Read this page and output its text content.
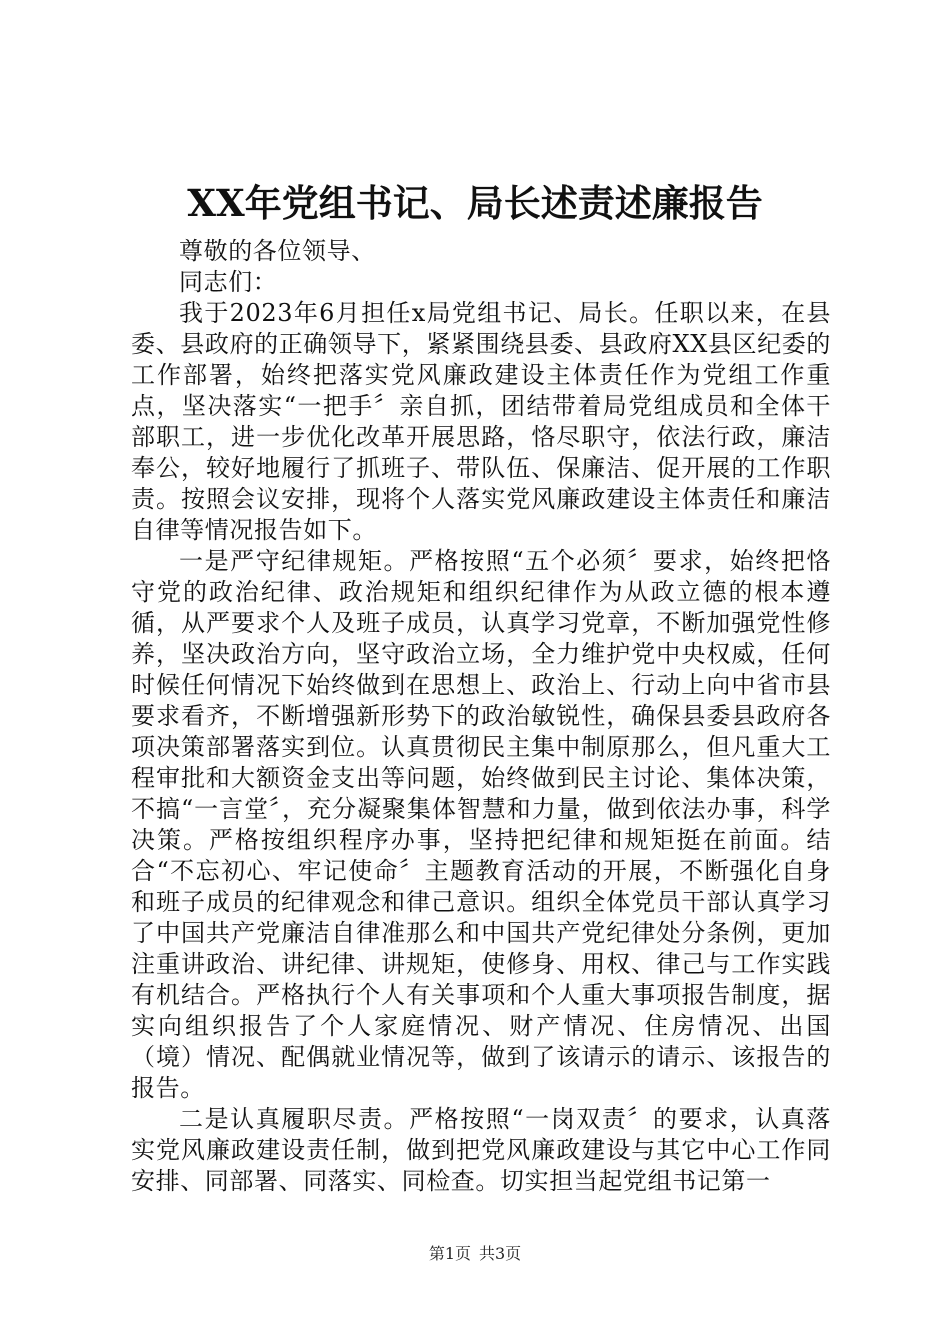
XX年党组书记、局长述责述廉报告

尊敬的各位领导、

同志们：

我于2023年6月担任x局党组书记、局长。任职以来，在县委、县政府的正确领导下，紧紧围绕县委、县政府XX县区纪委的工作部署，始终把落实党风廉政建设主体责任作为党组工作重点，坚决落实“一把手〞亲自抓，团结带着局党组成员和全体干部职工，进一步优化改革开展思路，恪尽职守，依法行政，廉洁奉公，较好地履行了抓班子、带队伍、保廉洁、促开展的工作职责。按照会议安排，现将个人落实党风廉政建设主体责任和廉洁自律等情况报告如下。

一是严守纪律规矩。严格按照“五个必须〞要求，始终把恪守党的政治纪律、政治规矩和组织纪律作为从政立德的根本遵循，从严要求个人及班子成员，认真学习党章，不断加强党性修养，坚决政治方向，坚守政治立场，全力维护党中央权威，任何时候任何情况下始终做到在思想上、政治上、行动上向中省市县要求看齐，不断增强新形势下的政治敏锐性，确保县委县政府各项决策部署落实到位。认真贯彻民主集中制原那么，但凡重大工程审批和大额资金支出等问题，始终做到民主讨论、集体决策，不搞“一言堂〞，充分凝聚集体智慧和力量，做到依法办事，科学决策。严格按组织程序办事，坚持把纪律和规矩挺在前面。结合“不忘初心、牢记使命〞主题教育活动的开展，不断强化自身和班子成员的纪律观念和律己意识。组织全体党员干部认真学习了中国共产党廉洁自律准那么和中国共产党纪律处分条例，更加注重讲政治、讲纪律、讲规矩，使修身、用权、律己与工作实践有机结合。严格执行个人有关事项和个人重大事项报告制度，据实向组织报告了个人家庭情况、财产情况、住房情况、出国（境）情况、配偶就业情况等，做到了该请示的请示、该报告的报告。

二是认真履职尽责。严格按照“一岗双责〞的要求，认真落实党风廉政建设责任制，做到把党风廉政建设与其它中心工作同安排、同部署、同落实、同检查。切实担当起党组书记第一

第1页 共3页
